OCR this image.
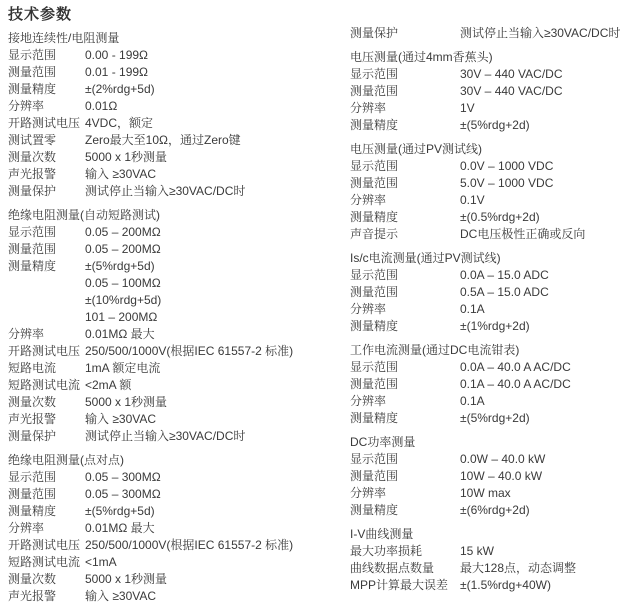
技术参数
接地连续性/电阻测量
显示范围	0.00 - 199Ω
测量范围	0.01 - 199Ω
测量精度	±(2%rdg+5d)
分辨率	0.01Ω
开路测试电压 4VDC，额定
测试置零	Zero最大至10Ω，通过Zero键
测量次数	5000 x 1秒测量
声光报警	输入 ≥30VAC
测量保护	测试停止当输入≥30VAC/DC时
绝缘电阻测量(自动短路测试)
显示范围	0.05 – 200MΩ
测量范围	0.05 – 200MΩ
测量精度	±(5%rdg+5d)
0.05 – 100MΩ
±(10%rdg+5d)
101 – 200MΩ
分辨率	0.01MΩ 最大
开路测试电压 250/500/1000V(根据IEC 61557-2 标准)
短路电流	1mA 额定电流
短路测试电流 <2mA 额
测量次数	5000 x 1秒测量
声光报警	输入 ≥30VAC
测量保护	测试停止当输入≥30VAC/DC时
绝缘电阻测量(点对点)
显示范围	0.05 – 300MΩ
测量范围	0.05 – 300MΩ
测量精度	±(5%rdg+5d)
分辨率	0.01MΩ 最大
开路测试电压 250/500/1000V(根据IEC 61557-2 标准)
短路测试电流 <1mA
测量次数	5000 x 1秒测量
声光报警	输入 ≥30VAC
测量保护	测试停止当输入≥30VAC/DC时
电压测量(通过4mm香蕉头)
显示范围	30V – 440 VAC/DC
测量范围	30V – 440 VAC/DC
分辨率	1V
测量精度	±(5%rdg+2d)
电压测量(通过PV测试线)
显示范围	0.0V – 1000 VDC
测量范围	5.0V – 1000 VDC
分辨率	0.1V
测量精度	±(0.5%rdg+2d)
声音提示	DC电压极性正确或反向
Is/c电流测量(通过PV测试线)
显示范围	0.0A – 15.0 ADC
测量范围	0.5A – 15.0 ADC
分辨率	0.1A
测量精度	±(1%rdg+2d)
工作电流测量(通过DC电流钳表)
显示范围	0.0A – 40.0 A AC/DC
测量范围	0.1A – 40.0 A AC/DC
分辨率	0.1A
测量精度	±(5%rdg+2d)
DC功率测量
显示范围	0.0W – 40.0 kW
测量范围	10W – 40.0 kW
分辨率	10W max
测量精度	±(6%rdg+2d)
I-V曲线测量
最大功率损耗	15 kW
曲线数据点数量	最大128点，动态调整
MPP计算最大误差 ±(1.5%rdg+40W)
